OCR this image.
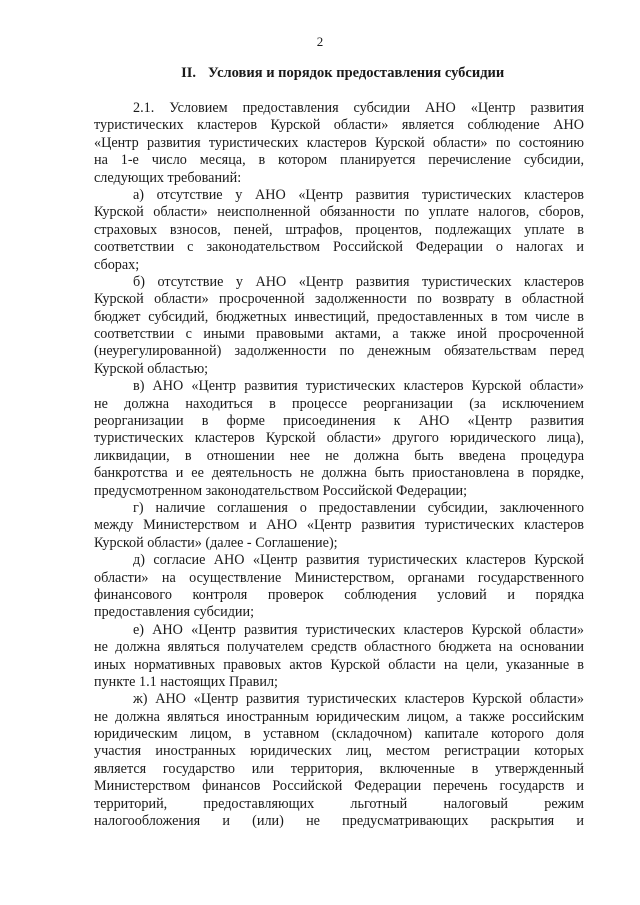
2
II. Условия и порядок предоставления субсидии
2.1. Условием предоставления субсидии АНО «Центр развития
туристических кластеров Курской области» является соблюдение АНО
«Центр развития туристических кластеров Курской области» по состоянию
на 1-е число месяца, в котором планируется перечисление субсидии,
следующих требований:
а) отсутствие у АНО «Центр развития туристических кластеров
Курской области» неисполненной обязанности по уплате налогов, сборов,
страховых взносов, пеней, штрафов, процентов, подлежащих уплате в
соответствии с законодательством Российской Федерации о налогах и
сборах;
б) отсутствие у АНО «Центр развития туристических кластеров
Курской области» просроченной задолженности по возврату в областной
бюджет субсидий, бюджетных инвестиций, предоставленных в том числе в
соответствии с иными правовыми актами, а также иной просроченной
(неурегулированной) задолженности по денежным обязательствам перед
Курской областью;
в) АНО «Центр развития туристических кластеров Курской области»
не должна находиться в процессе реорганизации (за исключением
реорганизации в форме присоединения к АНО «Центр развития
туристических кластеров Курской области» другого юридического лица),
ликвидации, в отношении нее не должна быть введена процедура
банкротства и ее деятельность не должна быть приостановлена в порядке,
предусмотренном законодательством Российской Федерации;
г) наличие соглашения о предоставлении субсидии, заключенного
между Министерством и АНО «Центр развития туристических кластеров
Курской области» (далее - Соглашение);
д) согласие АНО «Центр развития туристических кластеров Курской
области» на осуществление Министерством, органами государственного
финансового контроля проверок соблюдения условий и порядка
предоставления субсидии;
е) АНО «Центр развития туристических кластеров Курской области»
не должна являться получателем средств областного бюджета на основании
иных нормативных правовых актов Курской области на цели, указанные в
пункте 1.1 настоящих Правил;
ж) АНО «Центр развития туристических кластеров Курской области»
не должна являться иностранным юридическим лицом, а также российским
юридическим лицом, в уставном (складочном) капитале которого доля
участия иностранных юридических лиц, местом регистрации которых
является государство или территория, включенные в утвержденный
Министерством финансов Российской Федерации перечень государств и
территорий, предоставляющих льготный налоговый режим
налогообложения и (или) не предусматривающих раскрытия и
